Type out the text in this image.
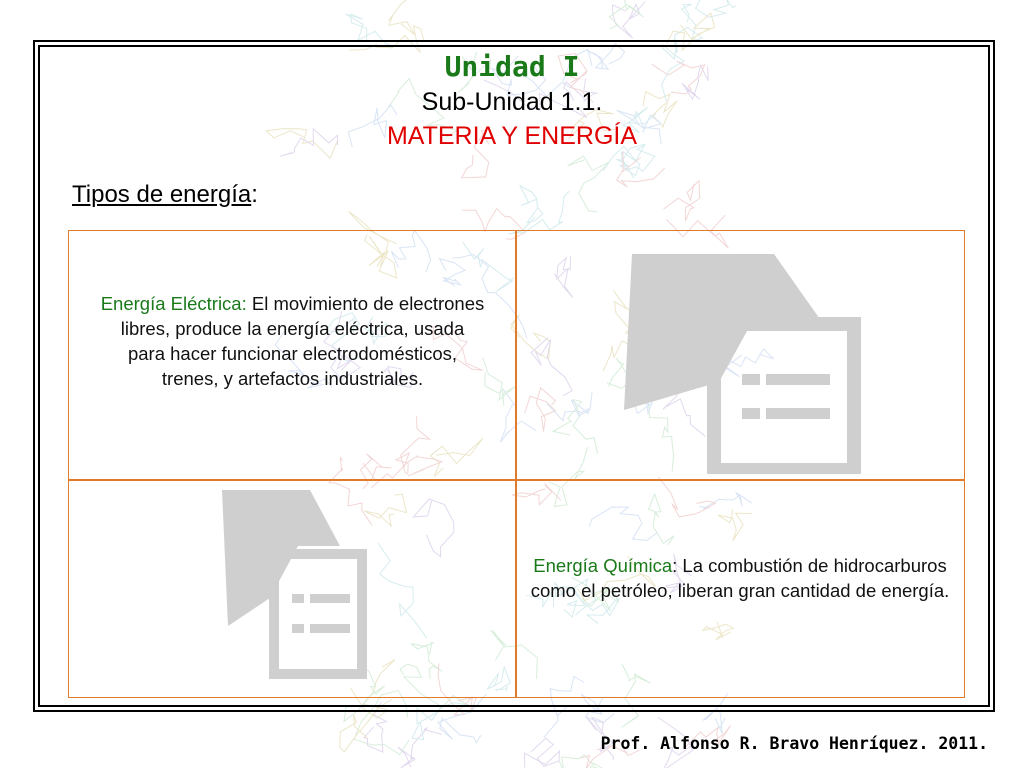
Unidad I
Sub-Unidad 1.1.
MATERIA Y ENERGÍA
Tipos de energía:
Energía Eléctrica: El movimiento de electrones libres, produce la energía eléctrica, usada para hacer funcionar electrodomésticos, trenes, y artefactos industriales.
Energía Química: La combustión de hidrocarburos como el petróleo, liberan gran cantidad de energía.
Prof. Alfonso R. Bravo Henríquez. 2011.
